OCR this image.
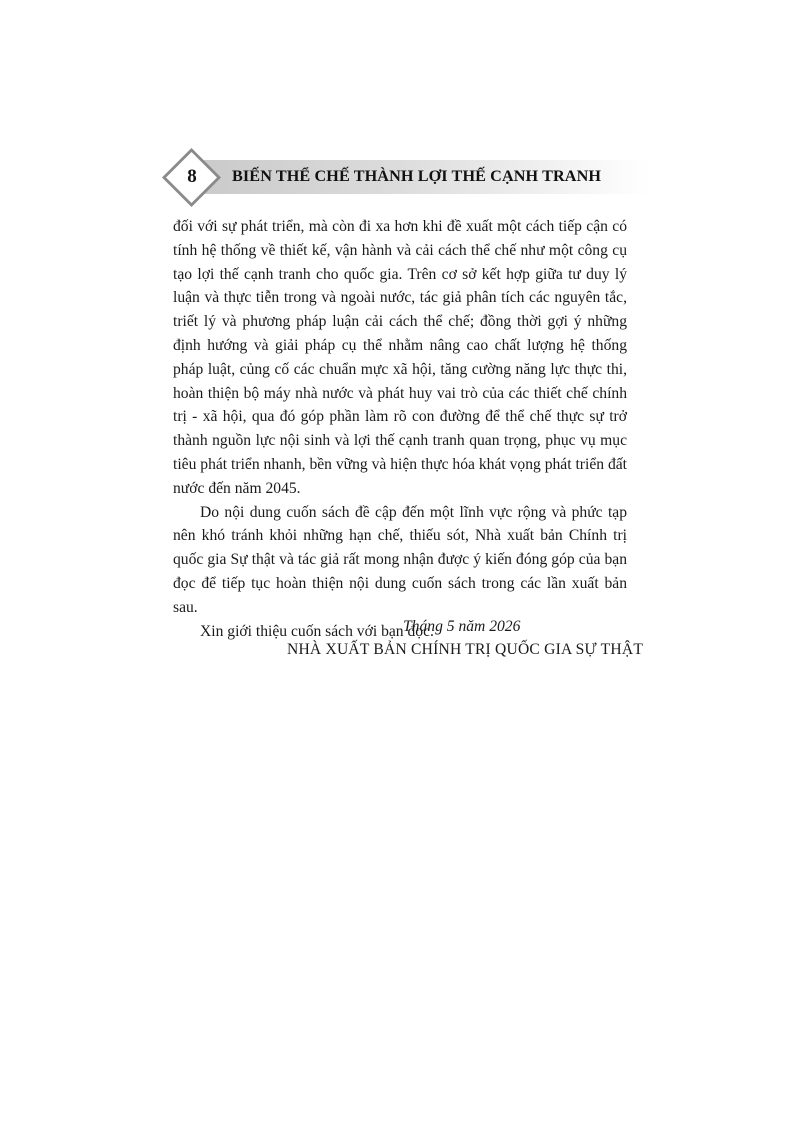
8	BIẾN THỂ CHẾ THÀNH LỢI THẾ CẠNH TRANH

đối với sự phát triển, mà còn đi xa hơn khi đề xuất một cách tiếp cận có tính hệ thống về thiết kế, vận hành và cải cách thể chế như một công cụ tạo lợi thế cạnh tranh cho quốc gia. Trên cơ sở kết hợp giữa tư duy lý luận và thực tiễn trong và ngoài nước, tác giả phân tích các nguyên tắc, triết lý và phương pháp luận cải cách thể chế; đồng thời gợi ý những định hướng và giải pháp cụ thể nhằm nâng cao chất lượng hệ thống pháp luật, củng cố các chuẩn mực xã hội, tăng cường năng lực thực thi, hoàn thiện bộ máy nhà nước và phát huy vai trò của các thiết chế chính trị - xã hội, qua đó góp phần làm rõ con đường để thể chế thực sự trở thành nguồn lực nội sinh và lợi thế cạnh tranh quan trọng, phục vụ mục tiêu phát triển nhanh, bền vững và hiện thực hóa khát vọng phát triển đất nước đến năm 2045.

Do nội dung cuốn sách đề cập đến một lĩnh vực rộng và phức tạp nên khó tránh khỏi những hạn chế, thiếu sót, Nhà xuất bản Chính trị quốc gia Sự thật và tác giả rất mong nhận được ý kiến đóng góp của bạn đọc để tiếp tục hoàn thiện nội dung cuốn sách trong các lần xuất bản sau.

Xin giới thiệu cuốn sách với bạn đọc.

Tháng 5 năm 2026
NHÀ XUẤT BẢN CHÍNH TRỊ QUỐC GIA SỰ THẬT
